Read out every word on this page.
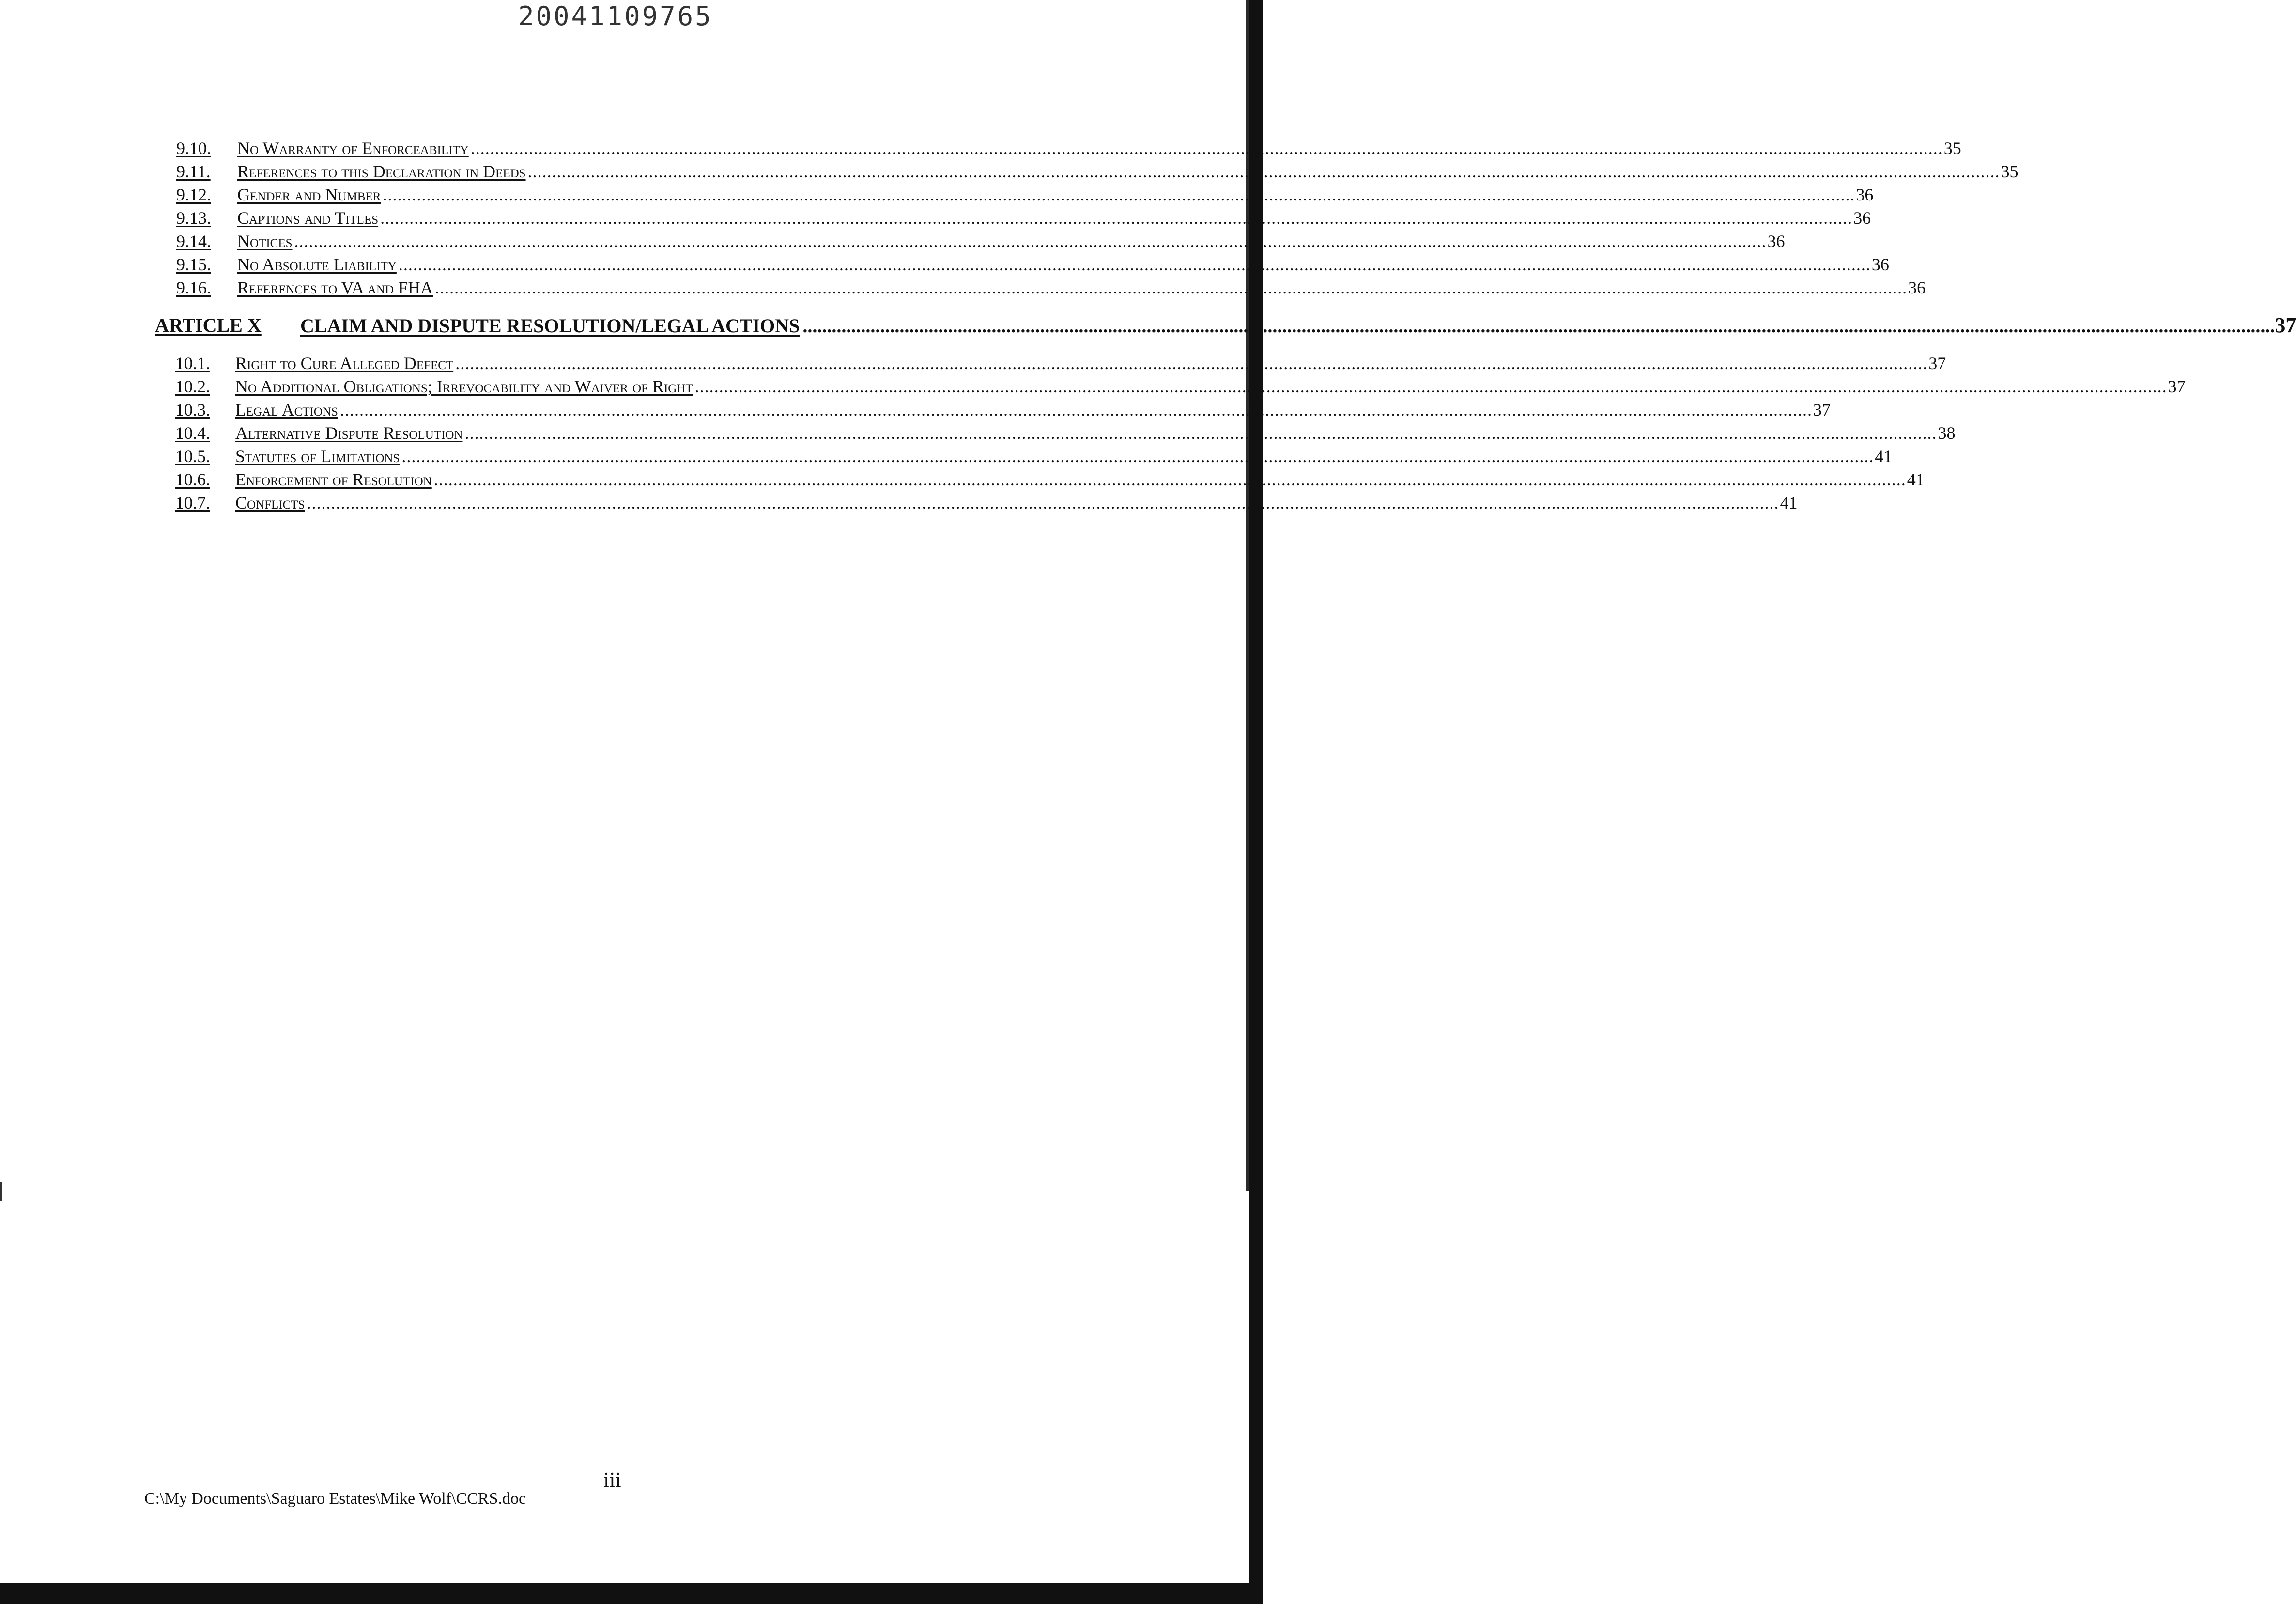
20041109765
9.10. No Warranty of Enforceability ................................................................................................................................................................................................................................................................................................................ 35
9.11. References to this Declaration in Deeds ................................................................................................................................................................................................................................................................................................................ 35
9.12. Gender and Number ................................................................................................................................................................................................................................................................................................................ 36
9.13. Captions and Titles ................................................................................................................................................................................................................................................................................................................ 36
9.14. Notices ................................................................................................................................................................................................................................................................................................................ 36
9.15. No Absolute Liability ................................................................................................................................................................................................................................................................................................................ 36
9.16. References to VA and FHA ................................................................................................................................................................................................................................................................................................................ 36
ARTICLE X CLAIM AND DISPUTE RESOLUTION/LEGAL ACTIONS ................................................................................................................................................................................................................................................................................................................ 37
10.1. Right to Cure Alleged Defect ................................................................................................................................................................................................................................................................................................................ 37
10.2. No Additional Obligations; Irrevocability and Waiver of Right ................................................................................................................................................................................................................................................................................................................ 37
10.3. Legal Actions ................................................................................................................................................................................................................................................................................................................ 37
10.4. Alternative Dispute Resolution ................................................................................................................................................................................................................................................................................................................ 38
10.5. Statutes of Limitations ................................................................................................................................................................................................................................................................................................................ 41
10.6. Enforcement of Resolution ................................................................................................................................................................................................................................................................................................................ 41
10.7. Conflicts ................................................................................................................................................................................................................................................................................................................ 41
iii
C:\My Documents\Saguaro Estates\Mike Wolf\CCRS.doc
